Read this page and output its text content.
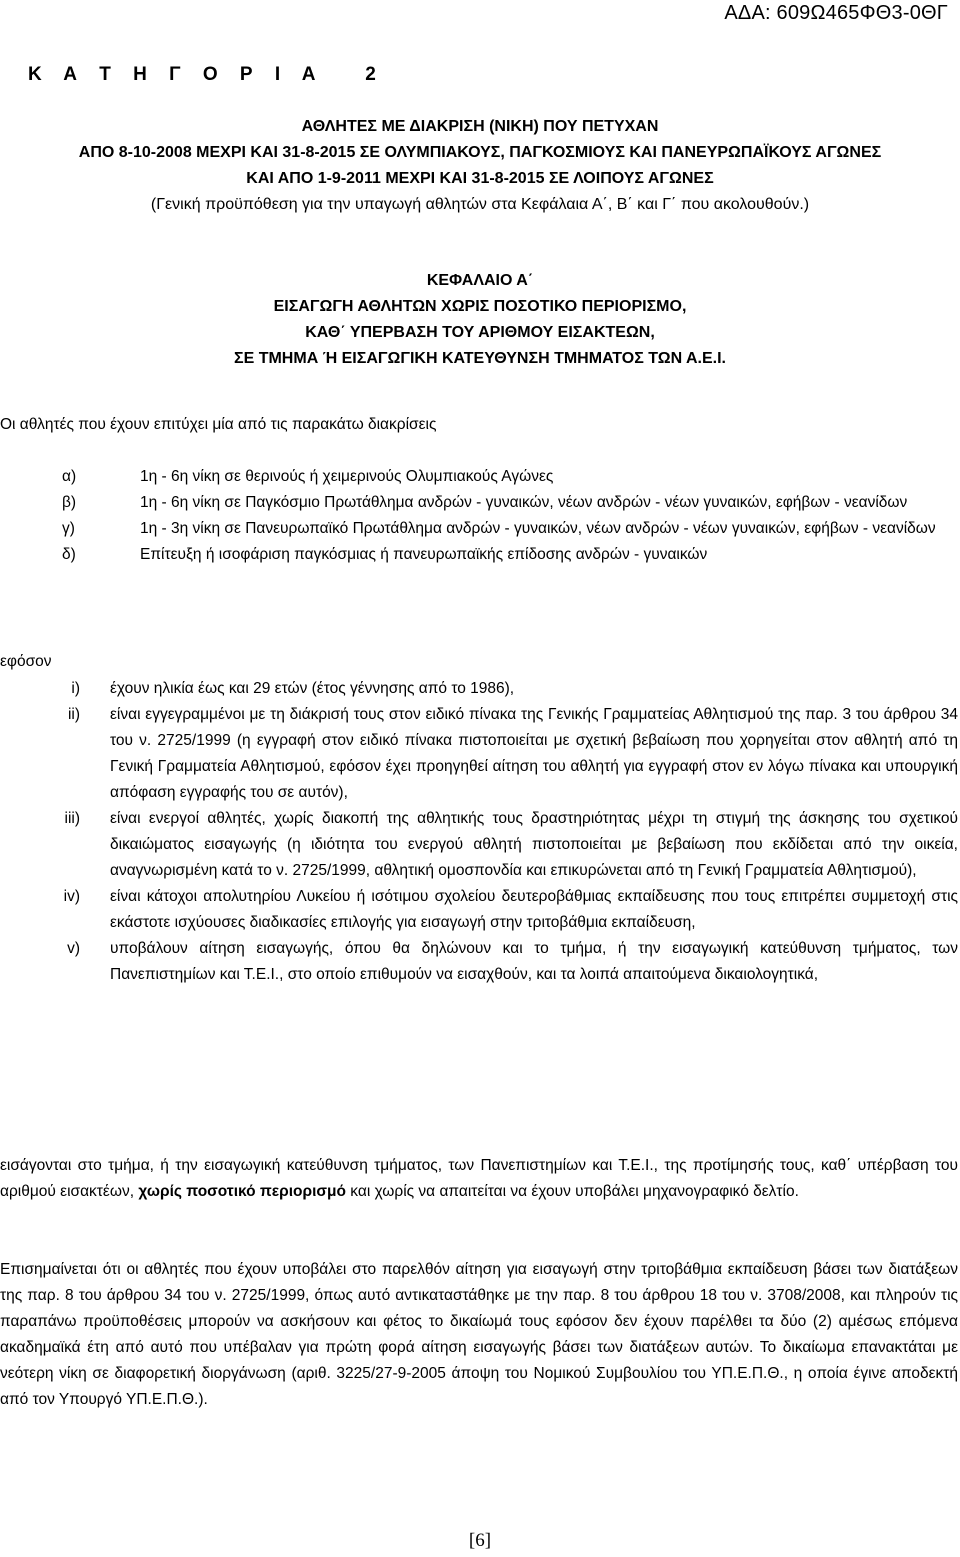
ΑΔΑ: 609Ω465ΦΘ3-0ΘΓ
Κ Α Τ Η Γ Ο Ρ Ι Α   2
ΑΘΛΗΤΕΣ ΜΕ ΔΙΑΚΡΙΣΗ (ΝΙΚΗ) ΠΟΥ ΠΕΤΥΧΑΝ
ΑΠΟ 8-10-2008 ΜΕΧΡΙ ΚΑΙ 31-8-2015 ΣΕ ΟΛΥΜΠΙΑΚΟΥΣ, ΠΑΓΚΟΣΜΙΟΥΣ ΚΑΙ ΠΑΝΕΥΡΩΠΑΪΚΟΥΣ ΑΓΩΝΕΣ
ΚΑΙ ΑΠΟ 1-9-2011 ΜΕΧΡΙ ΚΑΙ 31-8-2015 ΣΕ ΛΟΙΠΟΥΣ ΑΓΩΝΕΣ
(Γενική προϋπόθεση για την υπαγωγή αθλητών στα Κεφάλαια Α΄, Β΄ και Γ΄ που ακολουθούν.)
ΚΕΦΑΛΑΙΟ Α΄
ΕΙΣΑΓΩΓΗ ΑΘΛΗΤΩΝ ΧΩΡΙΣ ΠΟΣΟΤΙΚΟ ΠΕΡΙΟΡΙΣΜΟ,
ΚΑΘ΄ ΥΠΕΡΒΑΣΗ ΤΟΥ ΑΡΙΘΜΟΥ ΕΙΣΑΚΤΕΩΝ,
ΣΕ ΤΜΗΜΑ Ή ΕΙΣΑΓΩΓΙΚΗ ΚΑΤΕΥΘΥΝΣΗ ΤΜΗΜΑΤΟΣ ΤΩΝ Α.Ε.Ι.
Οι αθλητές που έχουν επιτύχει μία από τις παρακάτω διακρίσεις
α)	1η - 6η νίκη σε θερινούς ή χειμερινούς Ολυμπιακούς Αγώνες
β)	1η - 6η νίκη σε Παγκόσμιο Πρωτάθλημα ανδρών - γυναικών, νέων ανδρών - νέων γυναικών, εφήβων - νεανίδων
γ)	1η - 3η νίκη σε Πανευρωπαϊκό Πρωτάθλημα ανδρών - γυναικών, νέων ανδρών - νέων γυναικών, εφήβων - νεανίδων
δ)	Επίτευξη ή ισοφάριση παγκόσμιας ή πανευρωπαϊκής επίδοσης ανδρών - γυναικών
εφόσον
i)	έχουν ηλικία έως και 29 ετών (έτος γέννησης από το 1986),
ii)	είναι εγγεγραμμένοι με τη διάκρισή τους στον ειδικό πίνακα της Γενικής Γραμματείας Αθλητισμού της παρ. 3 του άρθρου 34 του ν. 2725/1999 (η εγγραφή στον ειδικό πίνακα πιστοποιείται με σχετική βεβαίωση που χορηγείται στον αθλητή από τη Γενική Γραμματεία Αθλητισμού, εφόσον έχει προηγηθεί αίτηση του αθλητή για εγγραφή στον εν λόγω πίνακα και υπουργική απόφαση εγγραφής του σε αυτόν),
iii)	είναι ενεργοί αθλητές, χωρίς διακοπή της αθλητικής τους δραστηριότητας μέχρι τη στιγμή της άσκησης του σχετικού δικαιώματος εισαγωγής (η ιδιότητα του ενεργού αθλητή πιστοποιείται με βεβαίωση που εκδίδεται από την οικεία, αναγνωρισμένη κατά το ν. 2725/1999, αθλητική ομοσπονδία και επικυρώνεται από τη Γενική Γραμματεία Αθλητισμού),
iv)	είναι κάτοχοι απολυτηρίου Λυκείου ή ισότιμου σχολείου δευτεροβάθμιας εκπαίδευσης που τους επιτρέπει συμμετοχή στις εκάστοτε ισχύουσες διαδικασίες επιλογής για εισαγωγή στην τριτοβάθμια εκπαίδευση,
v)	υποβάλουν αίτηση εισαγωγής, όπου θα δηλώνουν και το τμήμα, ή την εισαγωγική κατεύθυνση τμήματος, των Πανεπιστημίων και Τ.Ε.Ι., στο οποίο επιθυμούν να εισαχθούν, και τα λοιπά απαιτούμενα δικαιολογητικά,
εισάγονται στο τμήμα, ή την εισαγωγική κατεύθυνση τμήματος, των Πανεπιστημίων και Τ.Ε.Ι., της προτίμησής τους, καθ΄ υπέρβαση του αριθμού εισακτέων, χωρίς ποσοτικό περιορισμό και χωρίς να απαιτείται να έχουν υποβάλει μηχανογραφικό δελτίο.
Επισημαίνεται ότι οι αθλητές που έχουν υποβάλει στο παρελθόν αίτηση για εισαγωγή στην τριτοβάθμια εκπαίδευση βάσει των διατάξεων της παρ. 8 του άρθρου 34 του ν. 2725/1999, όπως αυτό αντικαταστάθηκε με την παρ. 8 του άρθρου 18 του ν. 3708/2008, και πληρούν τις παραπάνω προϋποθέσεις μπορούν να ασκήσουν και φέτος το δικαίωμά τους εφόσον δεν έχουν παρέλθει τα δύο (2) αμέσως επόμενα ακαδημαϊκά έτη από αυτό που υπέβαλαν για πρώτη φορά αίτηση εισαγωγής βάσει των διατάξεων αυτών. Το δικαίωμα επανακτάται με νεότερη νίκη σε διαφορετική διοργάνωση (αριθ. 3225/27-9-2005 άποψη του Νομικού Συμβουλίου του ΥΠ.Ε.Π.Θ., η οποία έγινε αποδεκτή από τον Υπουργό ΥΠ.Ε.Π.Θ.).
[6]
